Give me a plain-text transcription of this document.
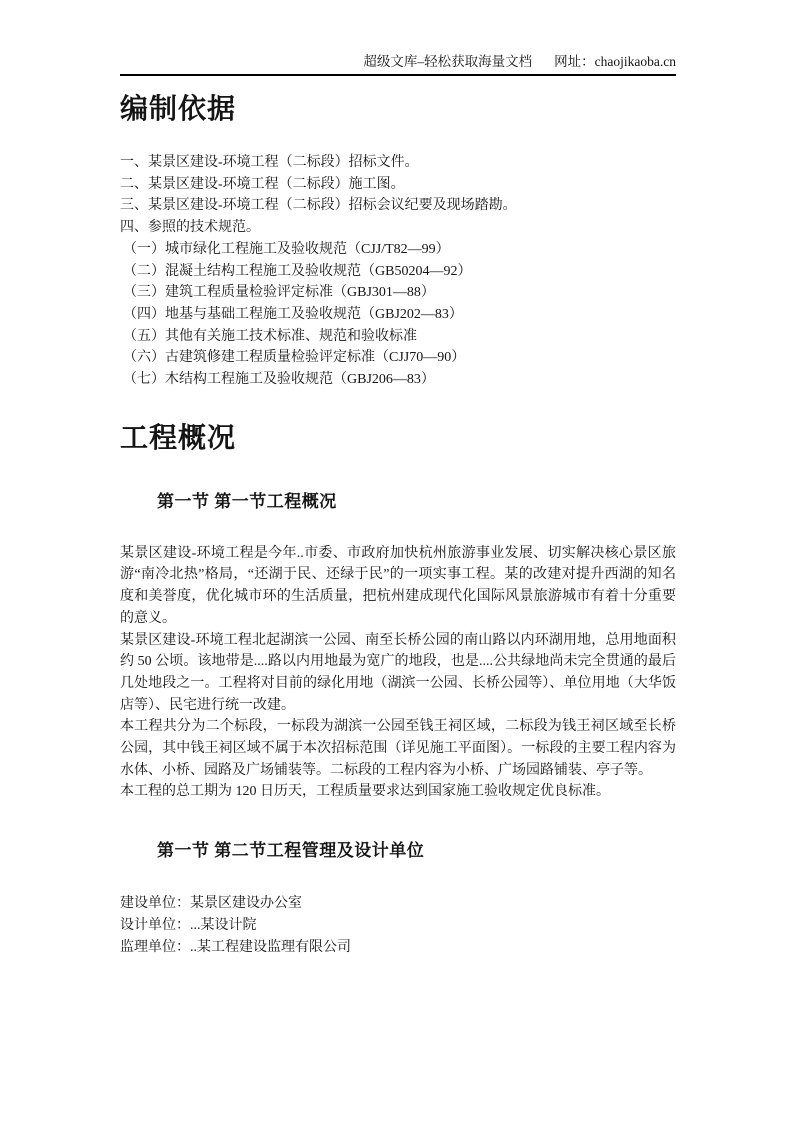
超级文库–轻松获取海量文档 网址：chaojikaoba.cn
编制依据
一、某景区建设-环境工程（二标段）招标文件。
二、某景区建设-环境工程（二标段）施工图。
三、某景区建设-环境工程（二标段）招标会议纪要及现场踏勘。
四、参照的技术规范。
（一）城市绿化工程施工及验收规范（CJJ/T82—99）
（二）混凝土结构工程施工及验收规范（GB50204—92）
（三）建筑工程质量检验评定标准（GBJ301—88）
（四）地基与基础工程施工及验收规范（GBJ202—83）
（五）其他有关施工技术标准、规范和验收标准
（六）古建筑修建工程质量检验评定标准（CJJ70—90）
（七）木结构工程施工及验收规范（GBJ206—83）
工程概况
第一节 第一节工程概况
某景区建设-环境工程是今年..市委、市政府加快杭州旅游事业发展、切实解决核心景区旅游“南冷北热”格局，“还湖于民、还绿于民”的一项实事工程。某的改建对提升西湖的知名度和美誉度，优化城市环的生活质量，把杭州建成现代化国际风景旅游城市有着十分重要的意义。
某景区建设-环境工程北起湖滨一公园、南至长桥公园的南山路以内环湖用地，总用地面积约 50 公顷。该地带是....路以内用地最为宽广的地段，也是....公共绿地尚未完全贯通的最后几处地段之一。工程将对目前的绿化用地（湖滨一公园、长桥公园等）、单位用地（大华饭店等）、民宅进行统一改建。
本工程共分为二个标段，一标段为湖滨一公园至钱王祠区域，二标段为钱王祠区域至长桥公园，其中钱王祠区域不属于本次招标范围（详见施工平面图）。一标段的主要工程内容为水体、小桥、园路及广场铺装等。二标段的工程内容为小桥、广场园路铺装、亭子等。
本工程的总工期为 120 日历天，工程质量要求达到国家施工验收规定优良标准。
第一节 第二节工程管理及设计单位
建设单位：某景区建设办公室
设计单位：...某设计院
监理单位：..某工程建设监理有限公司
